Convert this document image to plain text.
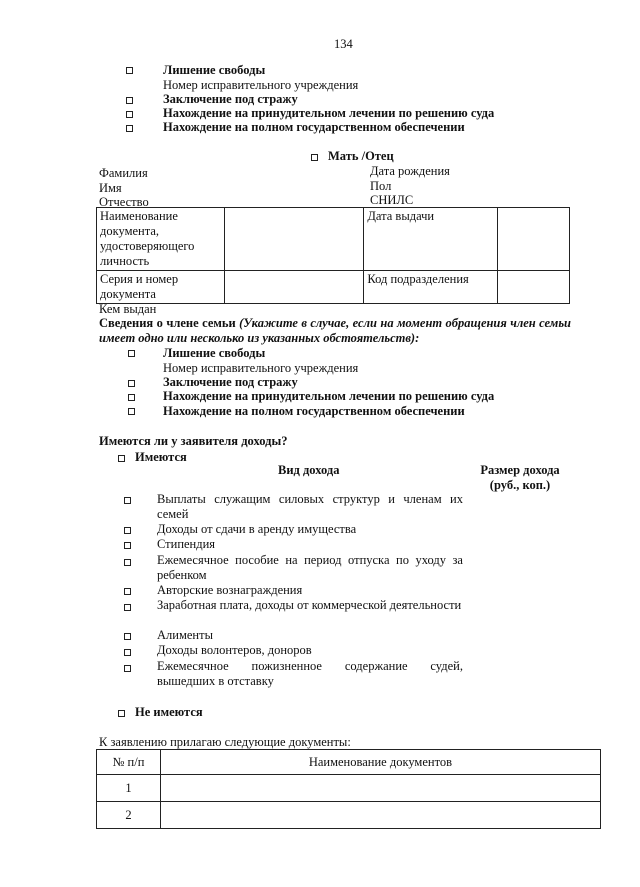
134
Лишение свободы
Номер исправительного учреждения
Заключение под стражу
Нахождение на принудительном лечении по решению суда
Нахождение на полном государственном обеспечении
Мать /Отец
Фамилия
Имя
Отчество
Дата рождения
Пол
СНИЛС
Наименование документа, удостоверяющего личность		Дата выдачи	
Серия и номер документа		Код подразделения	
Кем выдан
Сведения о члене семьи (Укажите в случае, если на момент обращения член семьи имеет одно или несколько из указанных обстоятельств):
Лишение свободы
Номер исправительного учреждения
Заключение под стражу
Нахождение на принудительном лечении по решению суда
Нахождение на полном государственном обеспечении
Имеются ли у заявителя доходы?
Имеются
Вид дохода	Размер дохода (руб., коп.)
Выплаты служащим силовых структур и членам их семей
Доходы от сдачи в аренду имущества
Стипендия
Ежемесячное пособие на период отпуска по уходу за ребенком
Авторские вознаграждения
Заработная плата, доходы от коммерческой деятельности
Алименты
Доходы волонтеров, доноров
Ежемесячное пожизненное содержание судей, вышедших в отставку
Не имеются
К заявлению прилагаю следующие документы:
№ п/п	Наименование документов
1	
2	
